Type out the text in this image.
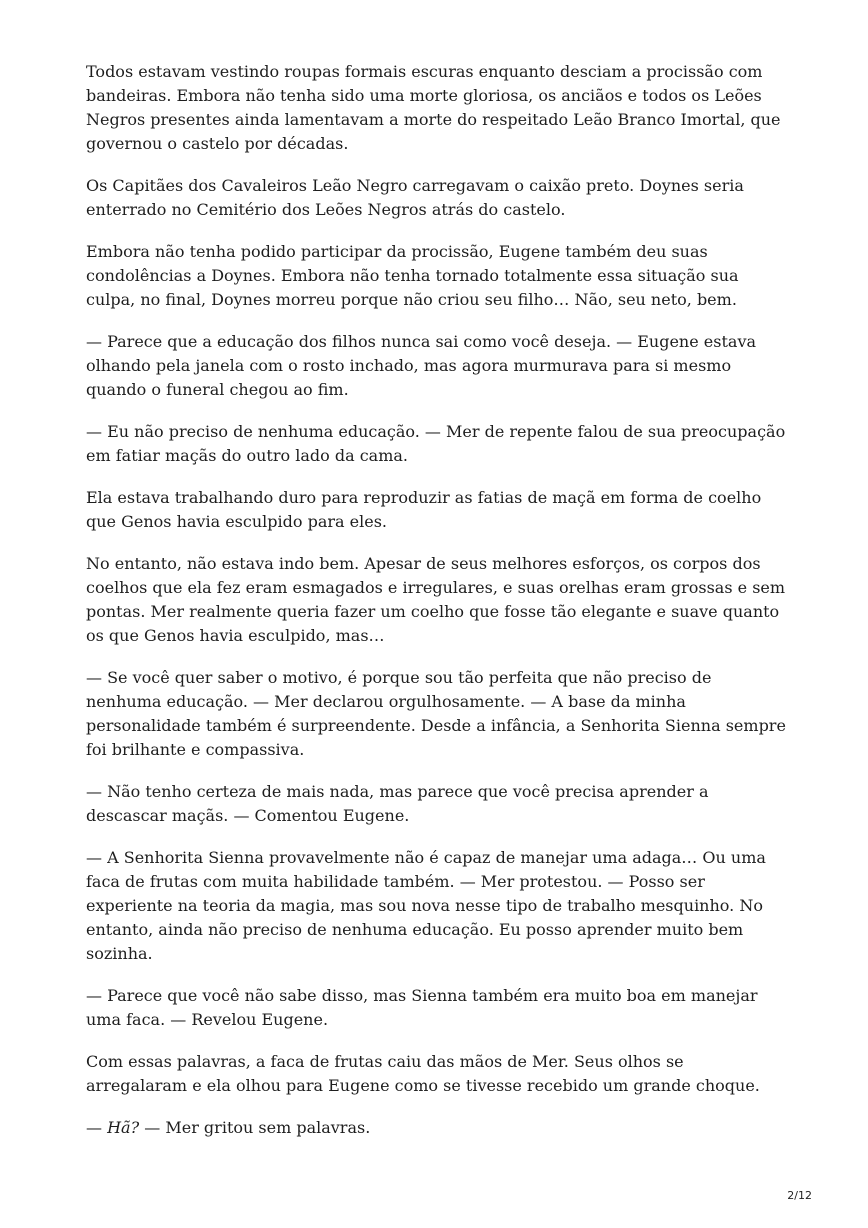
Todos estavam vestindo roupas formais escuras enquanto desciam a procissão com bandeiras. Embora não tenha sido uma morte gloriosa, os anciãos e todos os Leões Negros presentes ainda lamentavam a morte do respeitado Leão Branco Imortal, que governou o castelo por décadas.

Os Capitães dos Cavaleiros Leão Negro carregavam o caixão preto. Doynes seria enterrado no Cemitério dos Leões Negros atrás do castelo.

Embora não tenha podido participar da procissão, Eugene também deu suas condolências a Doynes. Embora não tenha tornado totalmente essa situação sua culpa, no final, Doynes morreu porque não criou seu filho… Não, seu neto, bem.

— Parece que a educação dos filhos nunca sai como você deseja. — Eugene estava olhando pela janela com o rosto inchado, mas agora murmurava para si mesmo quando o funeral chegou ao fim.

— Eu não preciso de nenhuma educação. — Mer de repente falou de sua preocupação em fatiar maçãs do outro lado da cama.

Ela estava trabalhando duro para reproduzir as fatias de maçã em forma de coelho que Genos havia esculpido para eles.

No entanto, não estava indo bem. Apesar de seus melhores esforços, os corpos dos coelhos que ela fez eram esmagados e irregulares, e suas orelhas eram grossas e sem pontas. Mer realmente queria fazer um coelho que fosse tão elegante e suave quanto os que Genos havia esculpido, mas…

— Se você quer saber o motivo, é porque sou tão perfeita que não preciso de nenhuma educação. — Mer declarou orgulhosamente. — A base da minha personalidade também é surpreendente. Desde a infância, a Senhorita Sienna sempre foi brilhante e compassiva.

— Não tenho certeza de mais nada, mas parece que você precisa aprender a descascar maçãs. — Comentou Eugene.

— A Senhorita Sienna provavelmente não é capaz de manejar uma adaga… Ou uma faca de frutas com muita habilidade também. — Mer protestou. — Posso ser experiente na teoria da magia, mas sou nova nesse tipo de trabalho mesquinho. No entanto, ainda não preciso de nenhuma educação. Eu posso aprender muito bem sozinha.

— Parece que você não sabe disso, mas Sienna também era muito boa em manejar uma faca. — Revelou Eugene.

Com essas palavras, a faca de frutas caiu das mãos de Mer. Seus olhos se arregalaram e ela olhou para Eugene como se tivesse recebido um grande choque.

— Hã? — Mer gritou sem palavras.

2/12
